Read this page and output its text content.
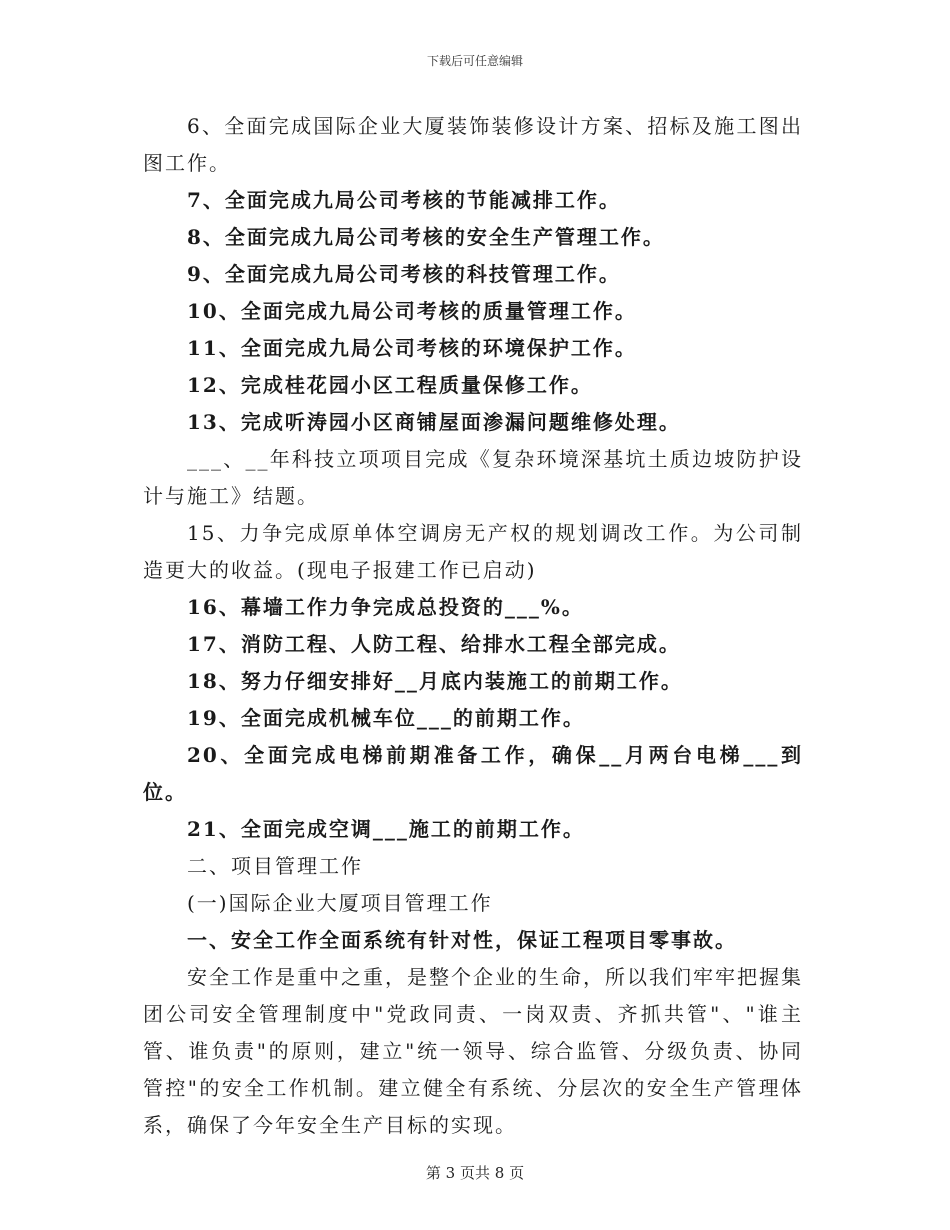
下载后可任意编辑

6、全面完成国际企业大厦装饰装修设计方案、招标及施工图出图工作。

7、全面完成九局公司考核的节能减排工作。

8、全面完成九局公司考核的安全生产管理工作。

9、全面完成九局公司考核的科技管理工作。

10、全面完成九局公司考核的质量管理工作。

11、全面完成九局公司考核的环境保护工作。

12、完成桂花园小区工程质量保修工作。

13、完成听涛园小区商铺屋面渗漏问题维修处理。

___、__年科技立项项目完成《复杂环境深基坑土质边坡防护设计与施工》结题。

15、力争完成原单体空调房无产权的规划调改工作。为公司制造更大的收益。(现电子报建工作已启动)

16、幕墙工作力争完成总投资的___%。

17、消防工程、人防工程、给排水工程全部完成。

18、努力仔细安排好__月底内装施工的前期工作。

19、全面完成机械车位___的前期工作。

20、全面完成电梯前期准备工作，确保__月两台电梯___到位。

21、全面完成空调___施工的前期工作。

二、项目管理工作

(一)国际企业大厦项目管理工作

一、安全工作全面系统有针对性，保证工程项目零事故。

安全工作是重中之重，是整个企业的生命，所以我们牢牢把握集团公司安全管理制度中"党政同责、一岗双责、齐抓共管"、"谁主管、谁负责"的原则，建立"统一领导、综合监管、分级负责、协同管控"的安全工作机制。建立健全有系统、分层次的安全生产管理体系，确保了今年安全生产目标的实现。

第 3 页共 8 页
